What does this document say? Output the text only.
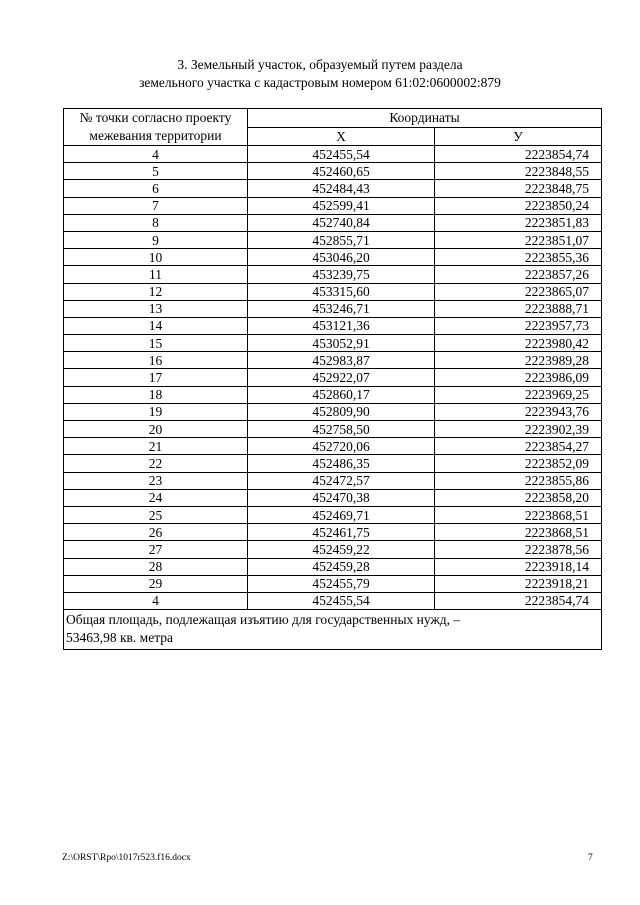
3. Земельный участок, образуемый путем раздела
земельного участка с кадастровым номером 61:02:0600002:879
№ точки согласно проекту
межевания территории	Координаты	
	X	У
4	452455,54	2223854,74
5	452460,65	2223848,55
6	452484,43	2223848,75
7	452599,41	2223850,24
8	452740,84	2223851,83
9	452855,71	2223851,07
10	453046,20	2223855,36
11	453239,75	2223857,26
12	453315,60	2223865,07
13	453246,71	2223888,71
14	453121,36	2223957,73
15	453052,91	2223980,42
16	452983,87	2223989,28
17	452922,07	2223986,09
18	452860,17	2223969,25
19	452809,90	2223943,76
20	452758,50	2223902,39
21	452720,06	2223854,27
22	452486,35	2223852,09
23	452472,57	2223855,86
24	452470,38	2223858,20
25	452469,71	2223868,51
26	452461,75	2223868,51
27	452459,22	2223878,56
28	452459,28	2223918,14
29	452455,79	2223918,21
4	452455,54	2223854,74
Общая площадь, подлежащая изъятию для государственных нужд, –
53463,98 кв. метра		
Z:\ORST\Rpo\1017r523.f16.docx	7
